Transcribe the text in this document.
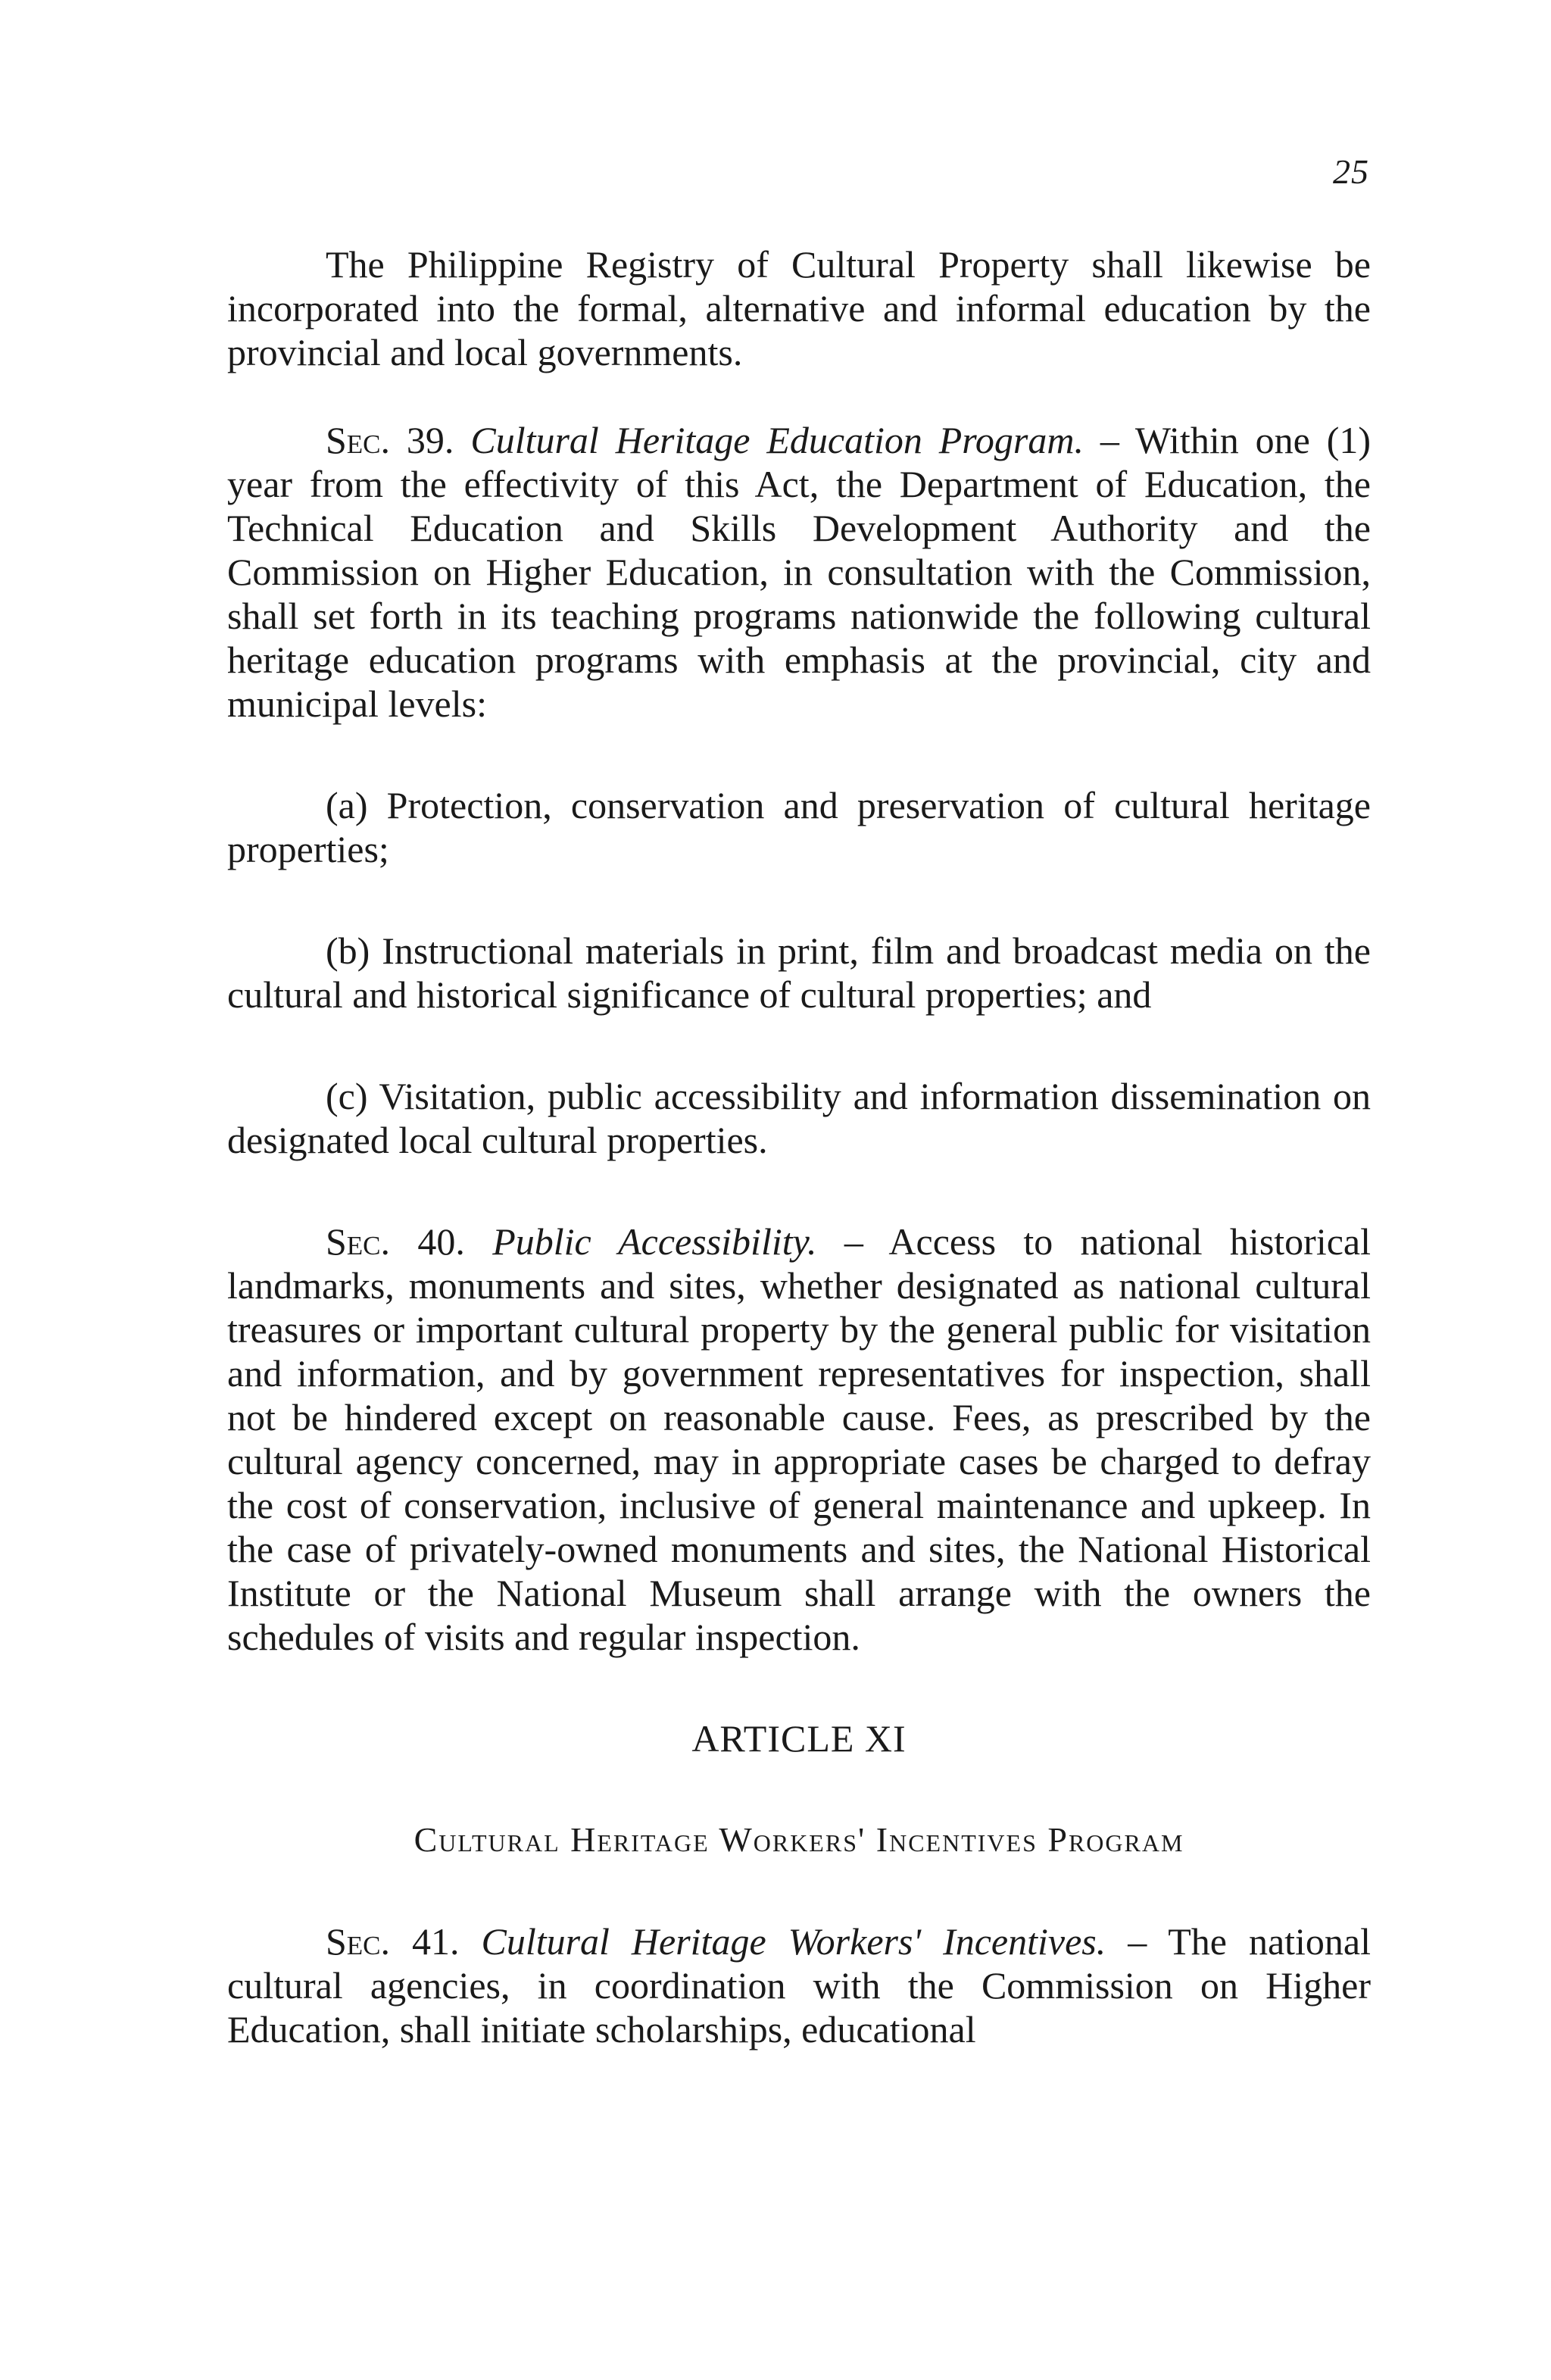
25

The Philippine Registry of Cultural Property shall likewise be incorporated into the formal, alternative and informal education by the provincial and local governments.

Sec. 39. Cultural Heritage Education Program. – Within one (1) year from the effectivity of this Act, the Department of Education, the Technical Education and Skills Development Authority and the Commission on Higher Education, in consultation with the Commission, shall set forth in its teaching programs nationwide the following cultural heritage education programs with emphasis at the provincial, city and municipal levels:

(a) Protection, conservation and preservation of cultural heritage properties;

(b) Instructional materials in print, film and broadcast media on the cultural and historical significance of cultural properties; and

(c) Visitation, public accessibility and information dissemination on designated local cultural properties.

Sec. 40. Public Accessibility. – Access to national historical landmarks, monuments and sites, whether designated as national cultural treasures or important cultural property by the general public for visitation and information, and by government representatives for inspection, shall not be hindered except on reasonable cause. Fees, as prescribed by the cultural agency concerned, may in appropriate cases be charged to defray the cost of conservation, inclusive of general maintenance and upkeep. In the case of privately-owned monuments and sites, the National Historical Institute or the National Museum shall arrange with the owners the schedules of visits and regular inspection.

ARTICLE XI
Cultural Heritage Workers' Incentives Program

Sec. 41. Cultural Heritage Workers' Incentives. – The national cultural agencies, in coordination with the Commission on Higher Education, shall initiate scholarships, educational
